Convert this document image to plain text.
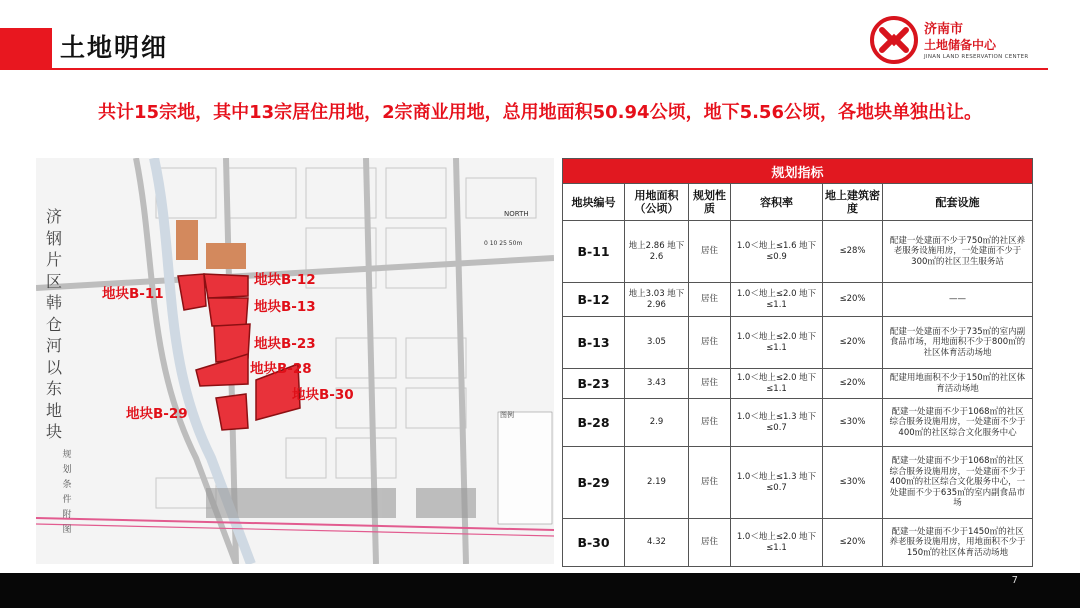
土地明细
济南市
土地储备中心
JINAN LAND RESERVATION CENTER
共计15宗地，其中13宗居住用地，2宗商业用地，总用地面积50.94公顷，地下5.56公顷，各地块单独出让。
济钢片区韩仓河以东地块
规划条件附图
NORTH
0 10 25 50m
图例
地块B-11
地块B-12
地块B-13
地块B-23
地块B-28
地块B-30
地块B-29
规划指标					
地块编号	用地面积（公顷）	规划性质	容积率	地上建筑密度	配套设施
B-11	地上2.86 地下2.6	居住	1.0＜地上≤1.6 地下≤0.9	≤28%	配建一处建面不少于750㎡的社区养老服务设施用房，一处建面不少于300㎡的社区卫生服务站
B-12	地上3.03 地下2.96	居住	1.0＜地上≤2.0 地下≤1.1	≤20%	——
B-13	3.05	居住	1.0＜地上≤2.0 地下≤1.1	≤20%	配建一处建面不少于735㎡的室内副食品市场，用地面积不少于800㎡的社区体育活动场地
B-23	3.43	居住	1.0＜地上≤2.0 地下≤1.1	≤20%	配建用地面积不少于150㎡的社区体育活动场地
B-28	2.9	居住	1.0＜地上≤1.3 地下≤0.7	≤30%	配建一处建面不少于1068㎡的社区综合服务设施用房，一处建面不少于400㎡的社区综合文化服务中心
B-29	2.19	居住	1.0＜地上≤1.3 地下≤0.7	≤30%	配建一处建面不少于1068㎡的社区综合服务设施用房，一处建面不少于400㎡的社区综合文化服务中心，一处建面不少于635㎡的室内副食品市场
B-30	4.32	居住	1.0＜地上≤2.0 地下≤1.1	≤20%	配建一处建面不少于1450㎡的社区养老服务设施用房，用地面积不少于150㎡的社区体育活动场地
7
